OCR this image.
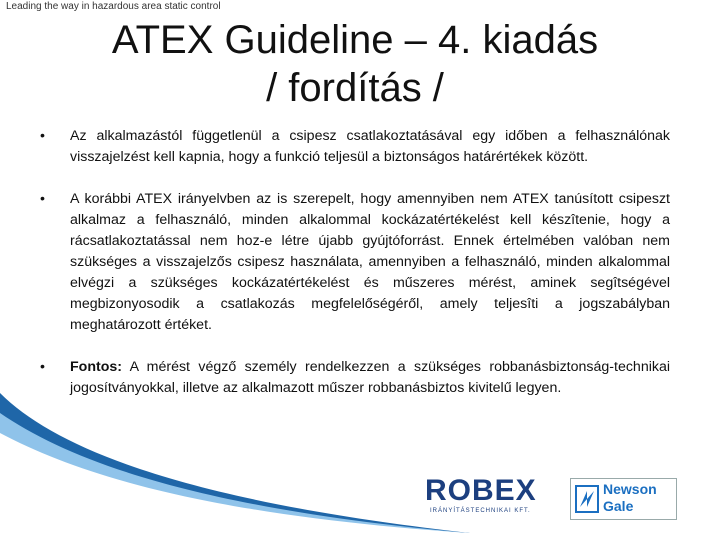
Leading the way in hazardous area static control
ATEX Guideline – 4. kiadás
/ fordítás /
• Az alkalmazástól függetlenül a csipesz csatlakoztatásával egy időben a felhasználónak visszajelzést kell kapnia, hogy a funkció teljesül a biztonságos határértékek között.
• A korábbi ATEX irányelvben az is szerepelt, hogy amennyiben nem ATEX tanúsított csipeszt alkalmaz a felhasználó, minden alkalommal kockázatértékelést kell készîtenie, hogy a rácsatlakoztatással nem hoz-e létre újabb gyújtóforrást. Ennek értelmében valóban nem szükséges a visszajelzős csipesz használata, amennyiben a felhasználó, minden alkalommal elvégzi a szükséges kockázatértékelést és műszeres mérést, aminek segîtségével megbizonyosodik a csatlakozás megfelelőségéről, amely teljesîti a jogszabályban meghatározott értéket.
• Fontos: A mérést végző személy rendelkezzen a szükséges robbanásbiztonság-technikai jogosítványokkal, illetve az alkalmazott műszer robbanásbiztos kivitelű legyen.
ROBEX
IRÁNYÍTÁSTECHNIKAI KFT.
Newson
Gale
